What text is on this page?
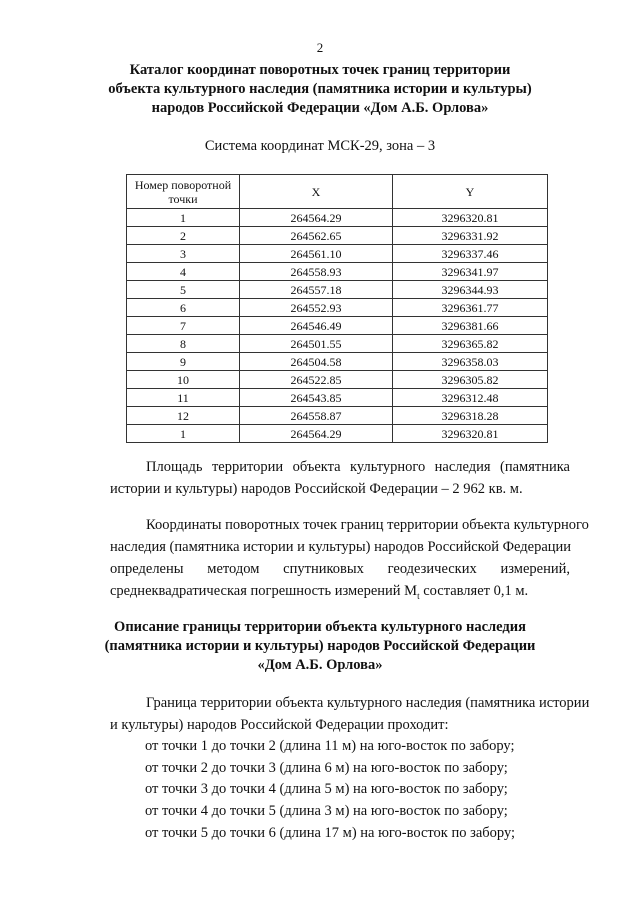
2
Каталог координат поворотных точек границ территории
объекта культурного наследия (памятника истории и культуры)
народов Российской Федерации «Дом А.Б. Орлова»
Система координат МСК-29, зона – 3
Номер поворотной точки	X	Y
1	264564.29	3296320.81
2	264562.65	3296331.92
3	264561.10	3296337.46
4	264558.93	3296341.97
5	264557.18	3296344.93
6	264552.93	3296361.77
7	264546.49	3296381.66
8	264501.55	3296365.82
9	264504.58	3296358.03
10	264522.85	3296305.82
11	264543.85	3296312.48
12	264558.87	3296318.28
1	264564.29	3296320.81
Площадь территории объекта культурного наследия (памятника
истории и культуры) народов Российской Федерации – 2 962 кв. м.
Координаты поворотных точек границ территории объекта культурного
наследия (памятника истории и культуры) народов Российской Федерации
определены методом спутниковых геодезических измерений,
среднеквадратическая погрешность измерений $M_t$ составляет 0,1 м.
Описание границы территории объекта культурного наследия
(памятника истории и культуры) народов Российской Федерации
«Дом А.Б. Орлова»
Граница территории объекта культурного наследия (памятника истории
и культуры) народов Российской Федерации проходит:
от точки 1 до точки 2 (длина 11 м) на юго-восток по забору;
от точки 2 до точки 3 (длина 6 м) на юго-восток по забору;
от точки 3 до точки 4 (длина 5 м) на юго-восток по забору;
от точки 4 до точки 5 (длина 3 м) на юго-восток по забору;
от точки 5 до точки 6 (длина 17 м) на юго-восток по забору;
